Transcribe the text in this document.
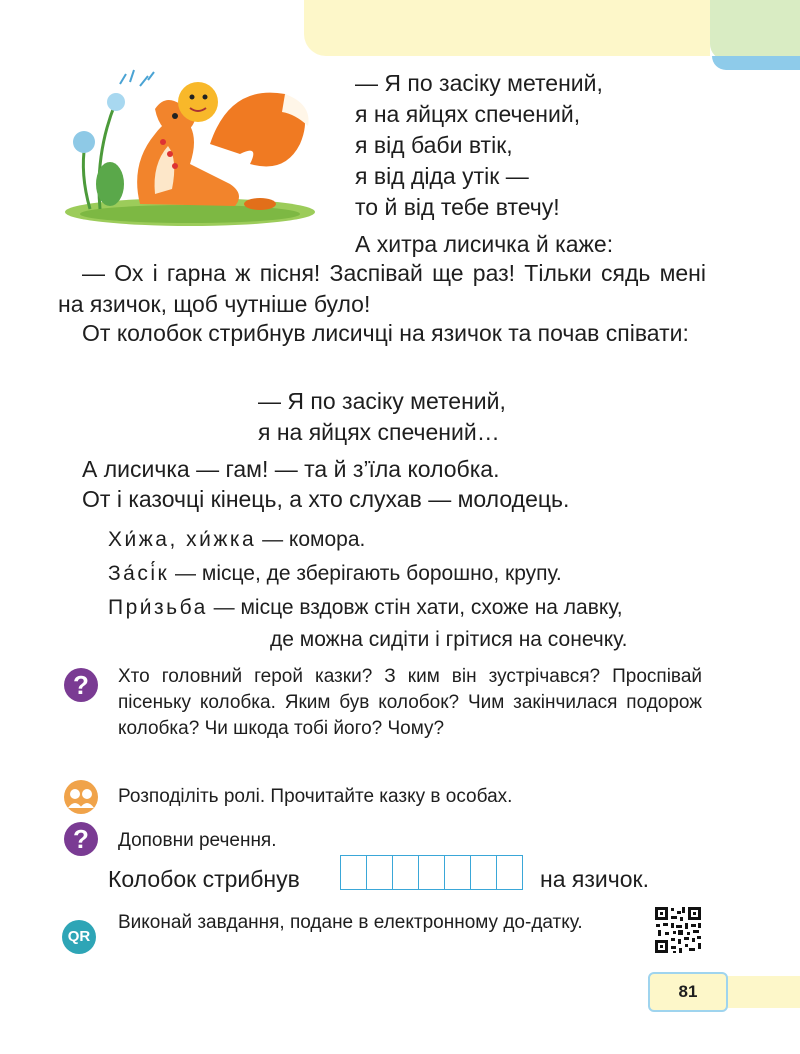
— Я по засіку метений,
я на яйцях спечений,
я від баби втік,
я від діда утік —
то й від тебе втечу!
А хитра лисичка й каже:
— Ох і гарна ж пісня! Заспівай ще раз! Тільки сядь мені на язичок, щоб чутніше було!
От колобок стрибнув лисичці на язичок та почав співати:
— Я по засіку метений,
я на яйцях спечений…
А лисичка — гам! — та й з’їла колобка.
От і казочці кінець, а хто слухав — молодець.
Хи́жа, хи́жка — комора.
За́сі́к — місце, де зберігають борошно, крупу.
При́зьба — місце вздовж стін хати, схоже на лавку,
де можна сидіти і грітися на сонечку.
?	Хто головний герой казки? З ким він зустрічався? Проспівай пісеньку колобка. Яким був колобок? Чим закінчилася подорож колобка? Чи шкода тобі його? Чому?
Розподіліть ролі. Прочитайте казку в особах.
?	Доповни речення.
Колобок стрибнув	на язичок.
QR
Виконай завдання, подане в електронному до-датку.
81
